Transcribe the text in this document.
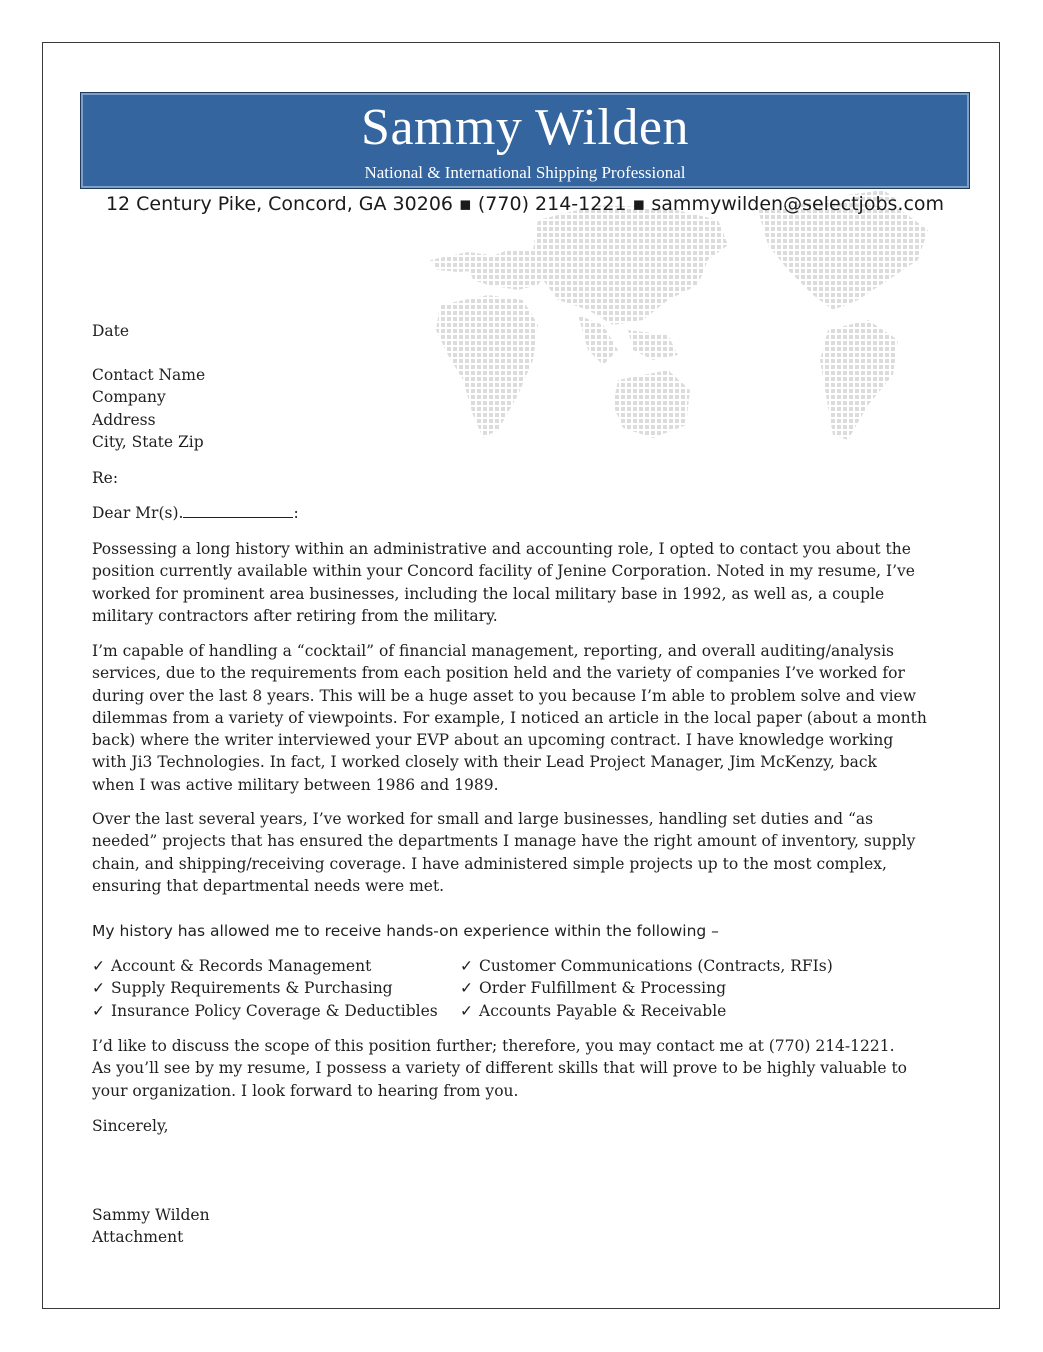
Sammy Wilden
National & International Shipping Professional
12 Century Pike, Concord, GA 30206 ▪ (770) 214-1221 ▪ sammywilden@selectjobs.com
Date
Contact Name
Company
Address
City, State Zip
Re:
Dear Mr(s).	:
Possessing a long history within an administrative and accounting role, I opted to contact you about the
position currently available within your Concord facility of Jenine Corporation. Noted in my resume, I’ve
worked for prominent area businesses, including the local military base in 1992, as well as, a couple
military contractors after retiring from the military.
I’m capable of handling a “cocktail” of financial management, reporting, and overall auditing/analysis
services, due to the requirements from each position held and the variety of companies I’ve worked for
during over the last 8 years. This will be a huge asset to you because I’m able to problem solve and view
dilemmas from a variety of viewpoints. For example, I noticed an article in the local paper (about a month
back) where the writer interviewed your EVP about an upcoming contract. I have knowledge working
with Ji3 Technologies. In fact, I worked closely with their Lead Project Manager, Jim McKenzy, back
when I was active military between 1986 and 1989.
Over the last several years, I’ve worked for small and large businesses, handling set duties and “as
needed” projects that has ensured the departments I manage have the right amount of inventory, supply
chain, and shipping/receiving coverage. I have administered simple projects up to the most complex,
ensuring that departmental needs were met.
My history has allowed me to receive hands-on experience within the following –
✓ Account & Records Management
✓ Supply Requirements & Purchasing
✓ Insurance Policy Coverage & Deductibles
✓ Customer Communications (Contracts, RFIs)
✓ Order Fulfillment & Processing
✓ Accounts Payable & Receivable
I’d like to discuss the scope of this position further; therefore, you may contact me at (770) 214-1221.
As you’ll see by my resume, I possess a variety of different skills that will prove to be highly valuable to
your organization. I look forward to hearing from you.
Sincerely,
Sammy Wilden
Attachment
